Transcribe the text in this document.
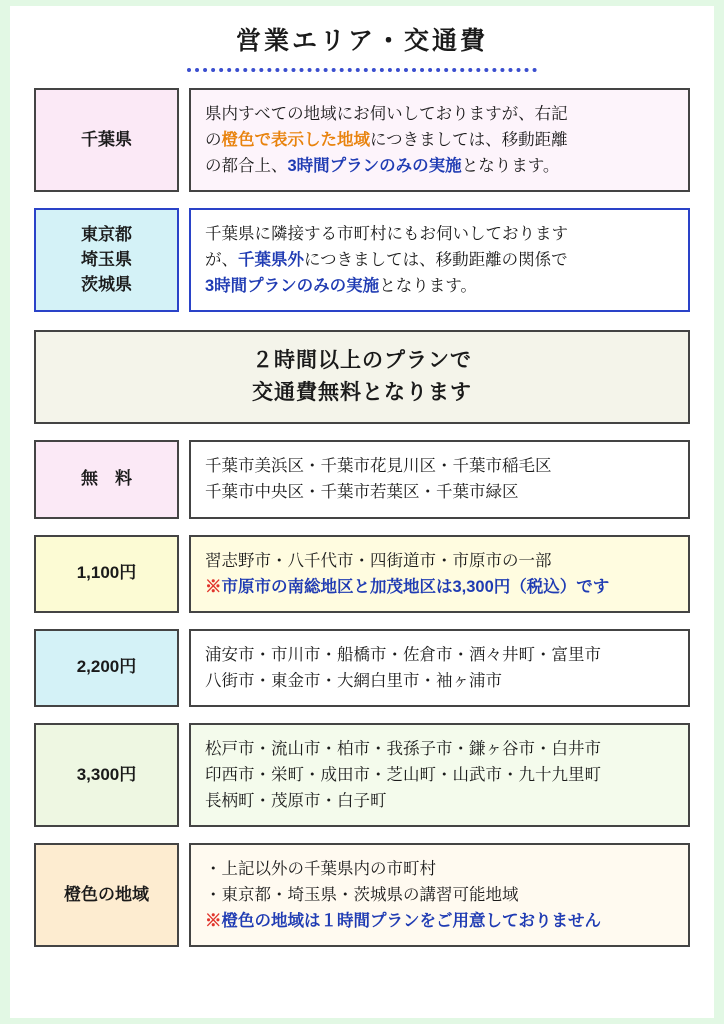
営業エリア・交通費
千葉県
県内すべての地域にお伺いしておりますが、右記
の橙色で表示した地域につきましては、移動距離
の都合上、3時間プランのみの実施となります。
東京都
埼玉県
茨城県
千葉県に隣接する市町村にもお伺いしております
が、千葉県外につきましては、移動距離の関係で
3時間プランのみの実施となります。
２時間以上のプランで
交通費無料となります
無　料
千葉市美浜区・千葉市花見川区・千葉市稲毛区
千葉市中央区・千葉市若葉区・千葉市緑区
1,100円
習志野市・八千代市・四街道市・市原市の一部
※市原市の南総地区と加茂地区は3,300円（税込）です
2,200円
浦安市・市川市・船橋市・佐倉市・酒々井町・富里市
八街市・東金市・大網白里市・袖ヶ浦市
3,300円
松戸市・流山市・柏市・我孫子市・鎌ヶ谷市・白井市
印西市・栄町・成田市・芝山町・山武市・九十九里町
長柄町・茂原市・白子町
橙色の地域
・上記以外の千葉県内の市町村
・東京都・埼玉県・茨城県の講習可能地域
※橙色の地域は１時間プランをご用意しておりません
